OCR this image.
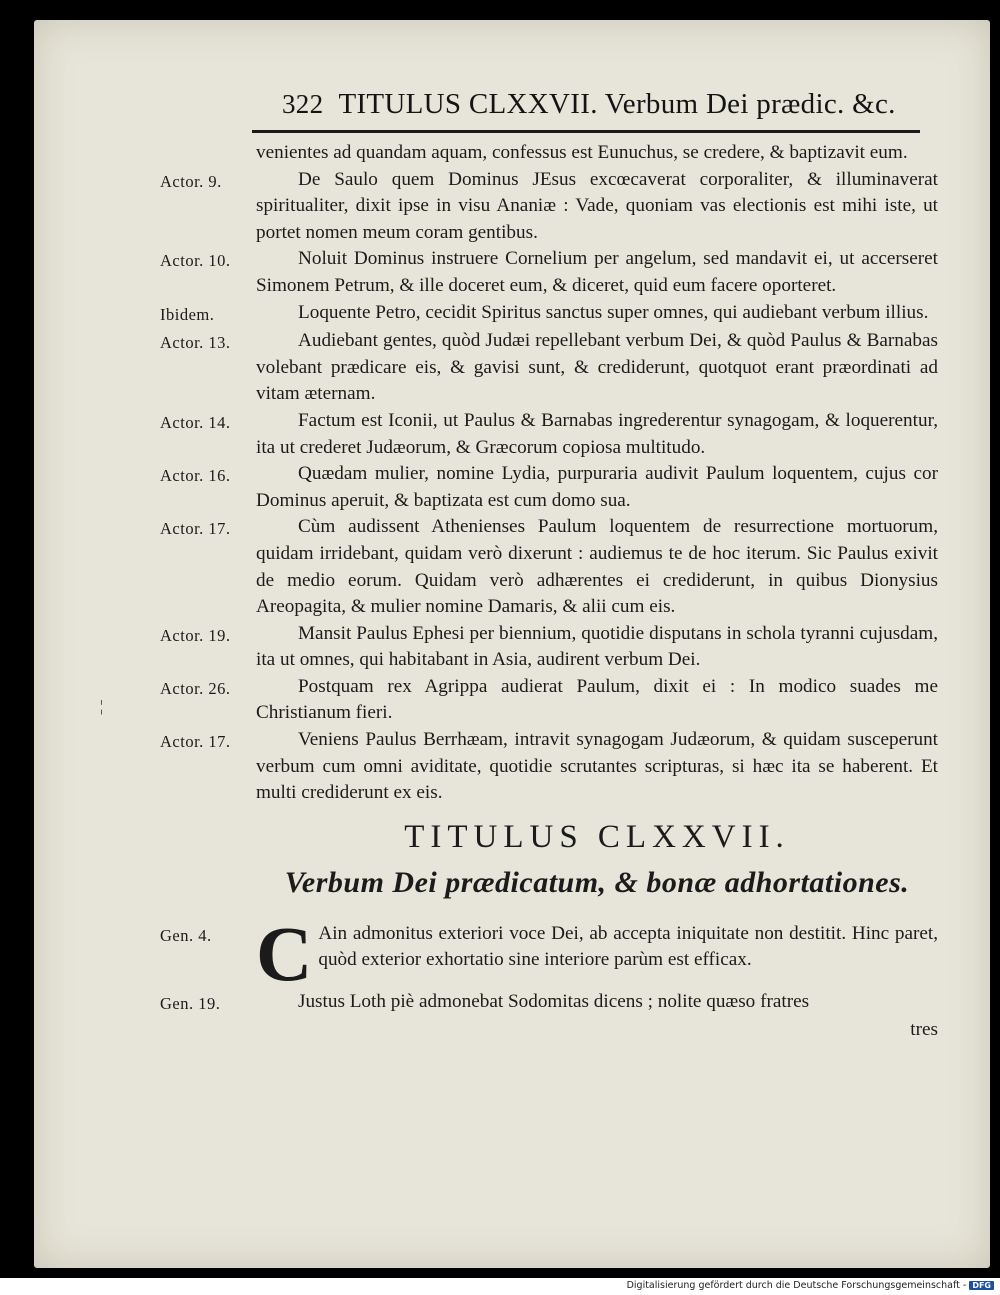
322 TITULUS CLXXVII. Verbum Dei prædic. &c.
¦
venientes ad quandam aquam, confessus est Eunuchus, se credere, & baptizavit eum.
Actor. 9.	De Saulo quem Dominus JEsus excœcaverat corporaliter, & illuminaverat spiritualiter, dixit ipse in visu Ananiæ : Vade, quoniam vas electionis est mihi iste, ut portet nomen meum coram gentibus.
Actor. 10.	Noluit Dominus instruere Cornelium per angelum, sed mandavit ei, ut accerseret Simonem Petrum, & ille doceret eum, & diceret, quid eum facere oporteret.
Ibidem.	Loquente Petro, cecidit Spiritus sanctus super omnes, qui audiebant verbum illius.
Actor. 13.	Audiebant gentes, quòd Judæi repellebant verbum Dei, & quòd Paulus & Barnabas volebant prædicare eis, & gavisi sunt, & crediderunt, quotquot erant præordinati ad vitam æternam.
Actor. 14.	Factum est Iconii, ut Paulus & Barnabas ingrederentur synagogam, & loquerentur, ita ut crederet Judæorum, & Græcorum copiosa multitudo.
Actor. 16.	Quædam mulier, nomine Lydia, purpuraria audivit Paulum loquentem, cujus cor Dominus aperuit, & baptizata est cum domo sua.
Actor. 17.	Cùm audissent Athenienses Paulum loquentem de resurrectione mortuorum, quidam irridebant, quidam verò dixerunt : audiemus te de hoc iterum. Sic Paulus exivit de medio eorum. Quidam verò adhærentes ei crediderunt, in quibus Dionysius Areopagita, & mulier nomine Damaris, & alii cum eis.
Actor. 19.	Mansit Paulus Ephesi per biennium, quotidie disputans in schola tyranni cujusdam, ita ut omnes, qui habitabant in Asia, audirent verbum Dei.
Actor. 26.	Postquam rex Agrippa audierat Paulum, dixit ei : In modico suades me Christianum fieri.
Actor. 17.	Veniens Paulus Berrhæam, intravit synagogam Judæorum, & quidam susceperunt verbum cum omni aviditate, quotidie scrutantes scripturas, si hæc ita se haberent. Et multi crediderunt ex eis.
TITULUS CLXXVII.
Verbum Dei prædicatum, & bonæ adhortationes.
Gen. 4. C Ain admonitus exteriori voce Dei, ab accepta iniquitate non destitit. Hinc paret, quòd exterior exhortatio sine interiore parùm est efficax.
Gen. 19.	Justus Loth piè admonebat Sodomitas dicens ; nolite quæso fratres
tres
Digitalisierung gefördert durch die Deutsche Forschungsgemeinschaft - DFG
